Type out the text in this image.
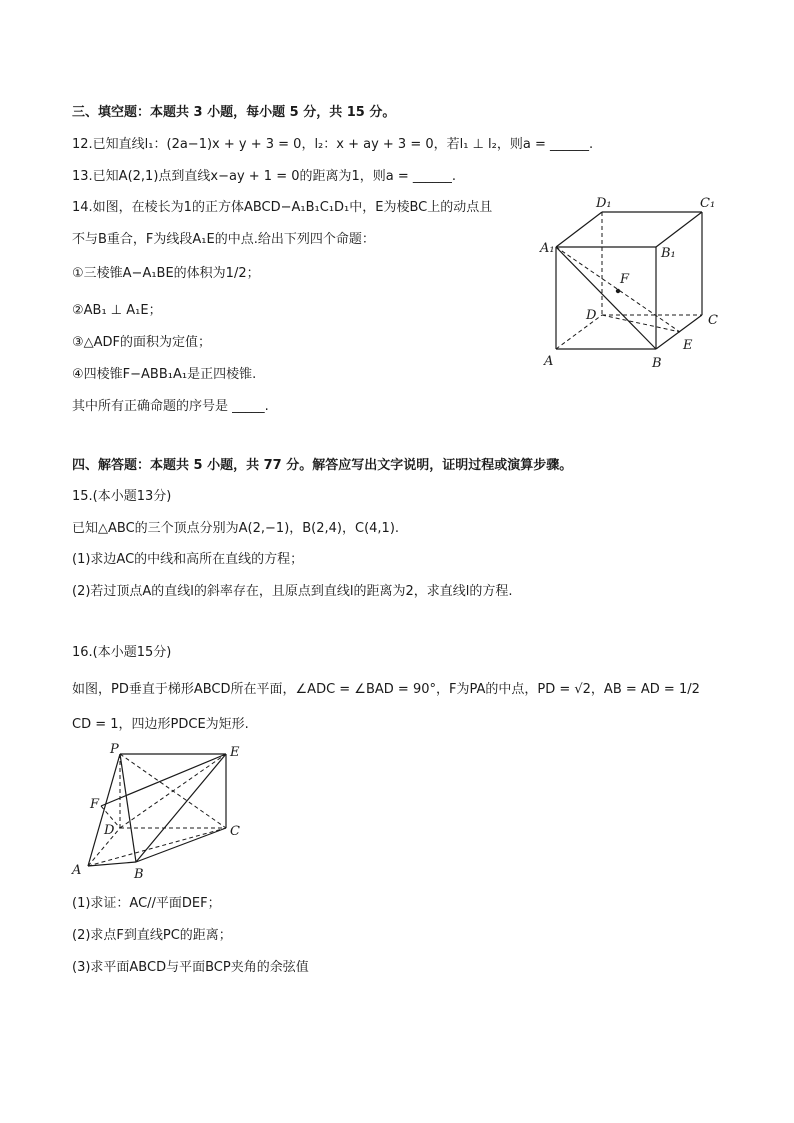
三、填空题：本题共 3 小题，每小题 5 分，共 15 分。
12.已知直线l₁：(2a−1)x + y + 3 = 0，l₂：x + ay + 3 = 0，若l₁ ⊥ l₂，则a = ______.
13.已知A(2,1)点到直线x−ay + 1 = 0的距离为1，则a = ______.
14.如图，在棱长为1的正方体ABCD−A₁B₁C₁D₁中，E为棱BC上的动点且
不与B重合，F为线段A₁E的中点.给出下列四个命题：
①三棱锥A−A₁BE的体积为1/2；
②AB₁ ⊥ A₁E；
③△ADF的面积为定值；
④四棱锥F−ABB₁A₁是正四棱锥.
其中所有正确命题的序号是 _____.
A₁
D₁	C₁
B₁
F
D	C
E
A	B
四、解答题：本题共 5 小题，共 77 分。解答应写出文字说明，证明过程或演算步骤。
15.(本小题13分)
已知△ABC的三个顶点分别为A(2,−1)，B(2,4)，C(4,1).
(1)求边AC的中线和高所在直线的方程；
(2)若过顶点A的直线l的斜率存在，且原点到直线l的距离为2，求直线l的方程.
16.(本小题15分)
如图，PD垂直于梯形ABCD所在平面，∠ADC = ∠BAD = 90°，F为PA的中点，PD = √2，AB = AD = 1/2
CD = 1，四边形PDCE为矩形.
P	E
F
D	C
A	B
(1)求证：AC//平面DEF；
(2)求点F到直线PC的距离；
(3)求平面ABCD与平面BCP夹角的余弦值
